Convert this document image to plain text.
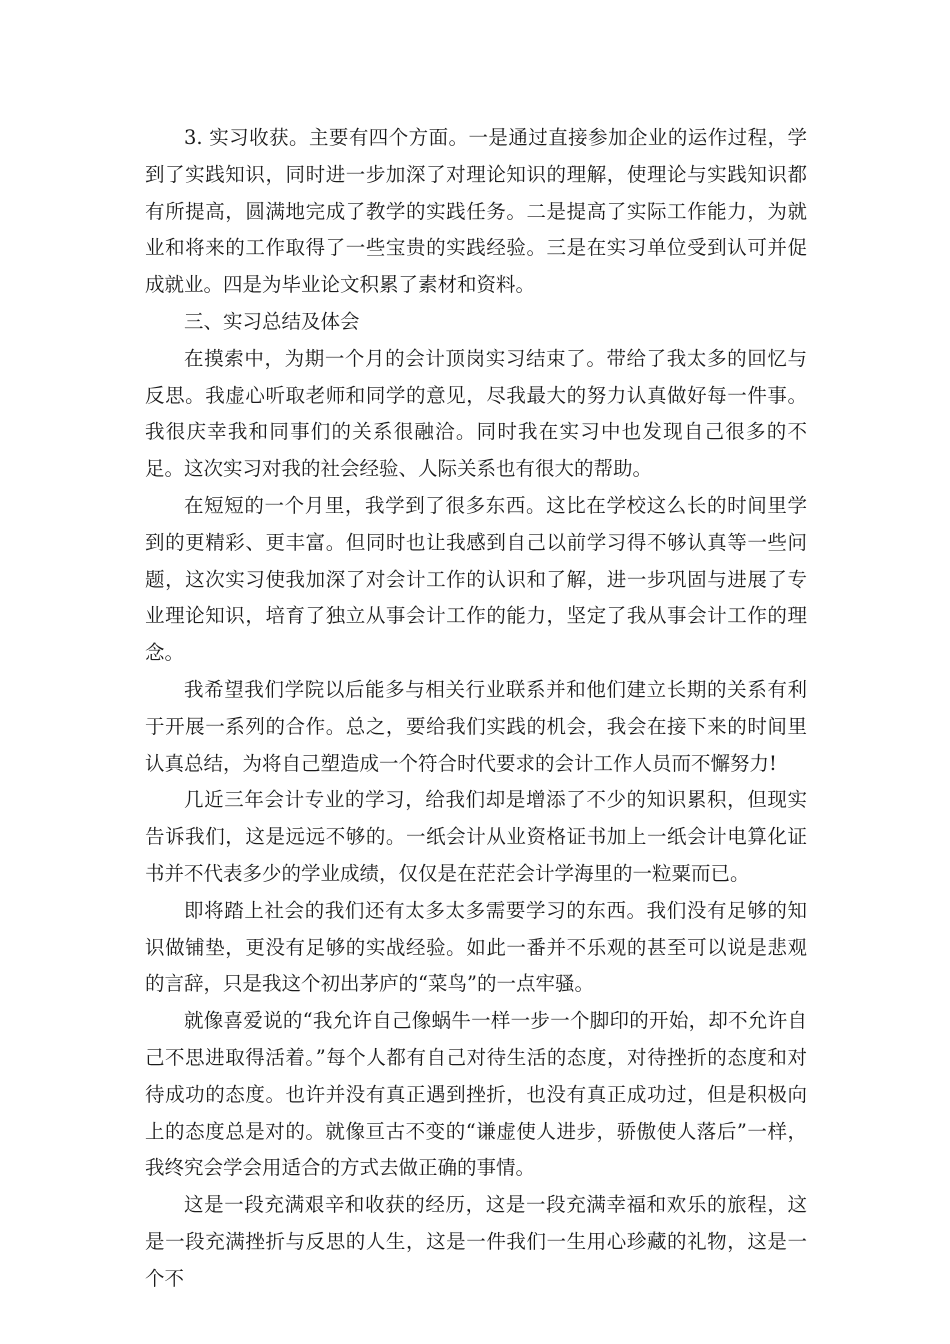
3. 实习收获。主要有四个方面。一是通过直接参加企业的运作过程，学到了实践知识，同时进一步加深了对理论知识的理解，使理论与实践知识都有所提高，圆满地完成了教学的实践任务。二是提高了实际工作能力，为就业和将来的工作取得了一些宝贵的实践经验。三是在实习单位受到认可并促成就业。四是为毕业论文积累了素材和资料。

三、实习总结及体会

在摸索中，为期一个月的会计顶岗实习结束了。带给了我太多的回忆与反思。我虚心听取老师和同学的意见，尽我最大的努力认真做好每一件事。我很庆幸我和同事们的关系很融洽。同时我在实习中也发现自己很多的不足。这次实习对我的社会经验、人际关系也有很大的帮助。

在短短的一个月里，我学到了很多东西。这比在学校这么长的时间里学到的更精彩、更丰富。但同时也让我感到自己以前学习得不够认真等一些问题，这次实习使我加深了对会计工作的认识和了解，进一步巩固与进展了专业理论知识，培育了独立从事会计工作的能力，坚定了我从事会计工作的理念。

我希望我们学院以后能多与相关行业联系并和他们建立长期的关系有利于开展一系列的合作。总之，要给我们实践的机会，我会在接下来的时间里认真总结，为将自己塑造成一个符合时代要求的会计工作人员而不懈努力!

几近三年会计专业的学习，给我们却是增添了不少的知识累积，但现实告诉我们，这是远远不够的。一纸会计从业资格证书加上一纸会计电算化证书并不代表多少的学业成绩，仅仅是在茫茫会计学海里的一粒粟而已。

即将踏上社会的我们还有太多太多需要学习的东西。我们没有足够的知识做铺垫，更没有足够的实战经验。如此一番并不乐观的甚至可以说是悲观的言辞，只是我这个初出茅庐的“菜鸟”的一点牢骚。

就像喜爱说的“我允许自己像蜗牛一样一步一个脚印的开始，却不允许自己不思进取得活着。”每个人都有自己对待生活的态度，对待挫折的态度和对待成功的态度。也许并没有真正遇到挫折，也没有真正成功过，但是积极向上的态度总是对的。就像亘古不变的“谦虚使人进步，骄傲使人落后”一样，我终究会学会用适合的方式去做正确的事情。

这是一段充满艰辛和收获的经历，这是一段充满幸福和欢乐的旅程，这是一段充满挫折与反思的人生，这是一件我们一生用心珍藏的礼物，这是一个不
